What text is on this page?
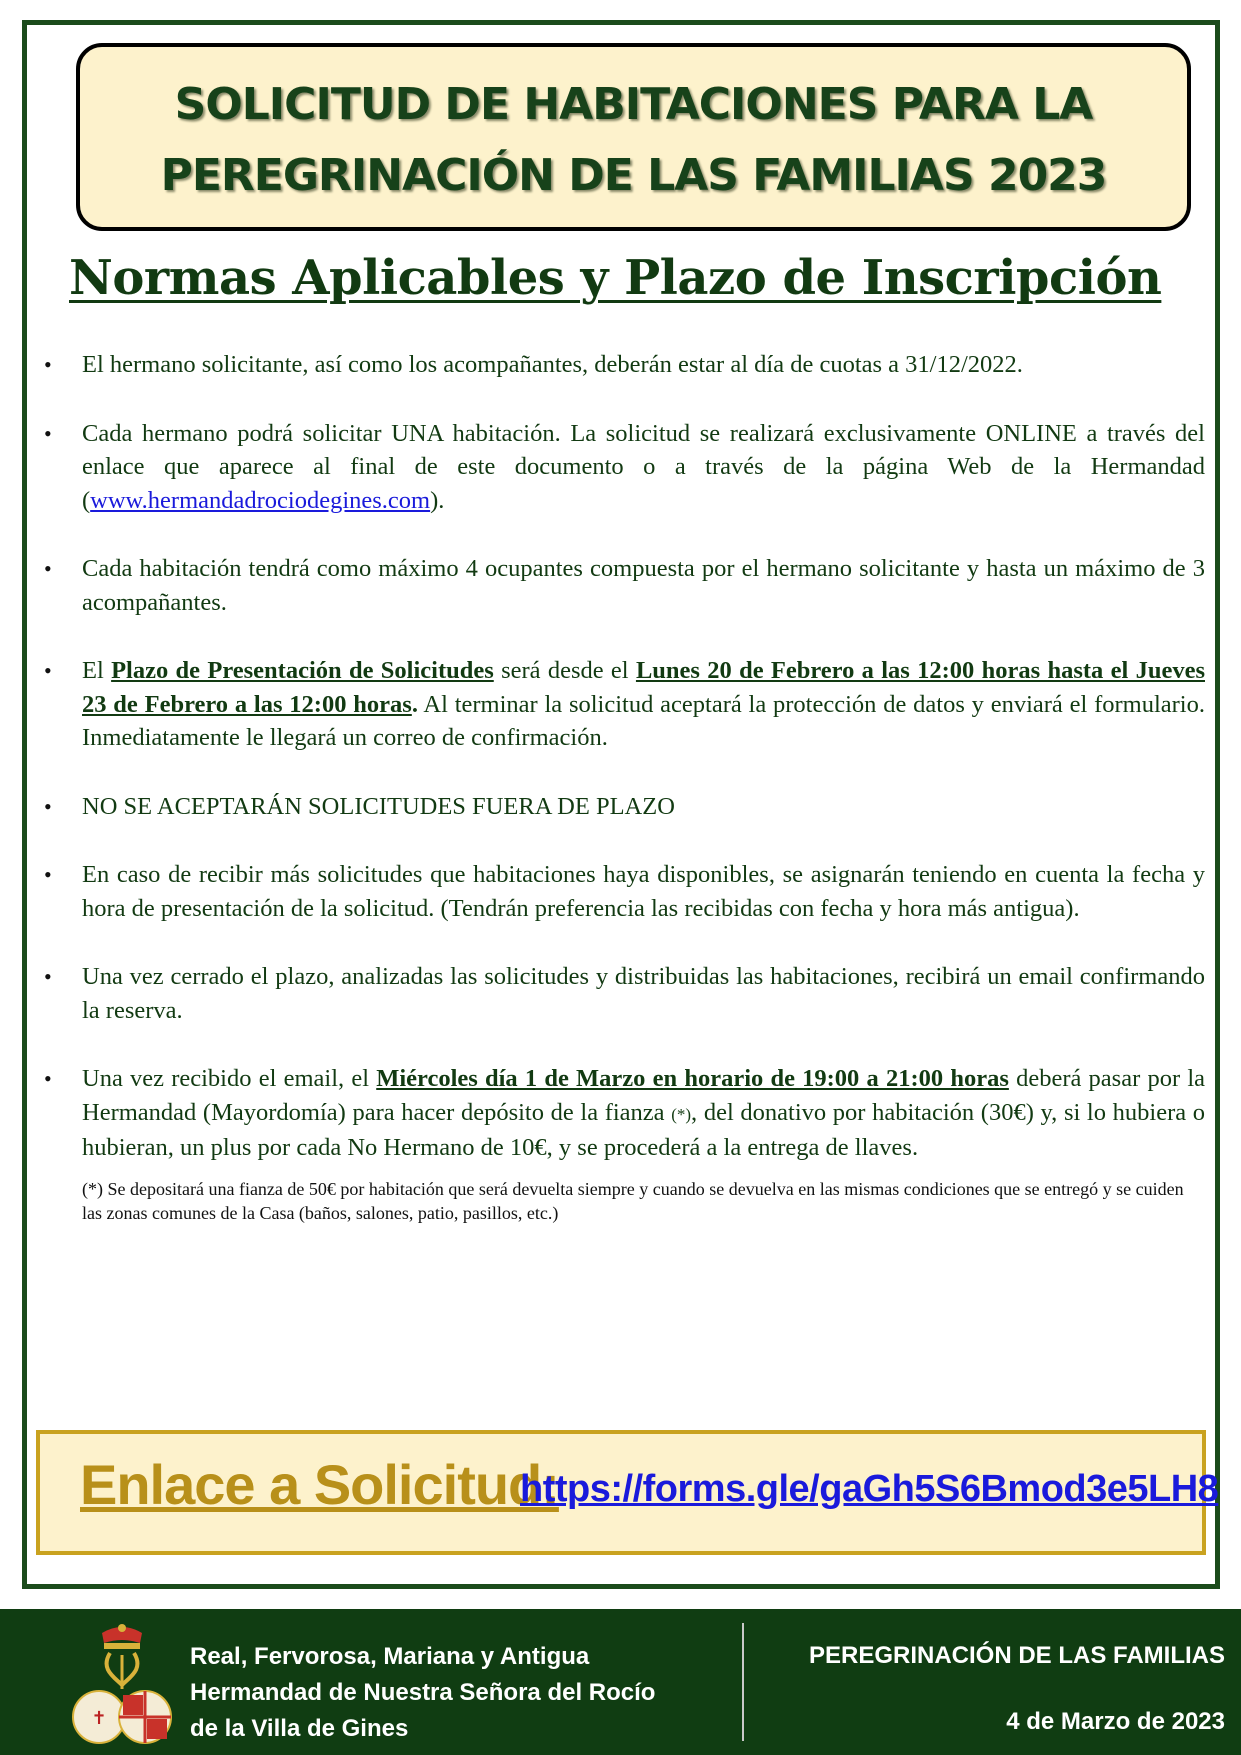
SOLICITUD DE HABITACIONES PARA LA
PEREGRINACIÓN DE LAS FAMILIAS 2023
Normas Aplicables y Plazo de Inscripción
• El hermano solicitante, así como los acompañantes, deberán estar al día de cuotas a 31/12/2022.
• Cada hermano podrá solicitar UNA habitación. La solicitud se realizará exclusivamente ONLINE a través del enlace que aparece al final de este documento o a través de la página Web de la Hermandad (www.hermandadrociodegines.com).
• Cada habitación tendrá como máximo 4 ocupantes compuesta por el hermano solicitante y hasta un máximo de 3 acompañantes.
• El Plazo de Presentación de Solicitudes será desde el Lunes 20 de Febrero a las 12:00 horas hasta el Jueves 23 de Febrero a las 12:00 horas. Al terminar la solicitud aceptará la protección de datos y enviará el formulario. Inmediatamente le llegará un correo de confirmación.
• NO SE ACEPTARÁN SOLICITUDES FUERA DE PLAZO
• En caso de recibir más solicitudes que habitaciones haya disponibles, se asignarán teniendo en cuenta la fecha y hora de presentación de la solicitud. (Tendrán preferencia las recibidas con fecha y hora más antigua).
• Una vez cerrado el plazo, analizadas las solicitudes y distribuidas las habitaciones, recibirá un email confirmando la reserva.
• Una vez recibido el email, el Miércoles día 1 de Marzo en horario de 19:00 a 21:00 horas deberá pasar por la Hermandad (Mayordomía) para hacer depósito de la fianza (*), del donativo por habitación (30€) y, si lo hubiera o hubieran, un plus por cada No Hermano de 10€, y se procederá a la entrega de llaves.
(*) Se depositará una fianza de 50€ por habitación que será devuelta siempre y cuando se devuelva en las mismas condiciones que se entregó y se cuiden las zonas comunes de la Casa (baños, salones, patio, pasillos, etc.)
Enlace a Solicitud:
https://forms.gle/gaGh5S6Bmod3e5LH8
✝
Real, Fervorosa, Mariana y Antigua
Hermandad de Nuestra Señora del Rocío
de la Villa de Gines
PEREGRINACIÓN DE LAS FAMILIAS
4 de Marzo de 2023
